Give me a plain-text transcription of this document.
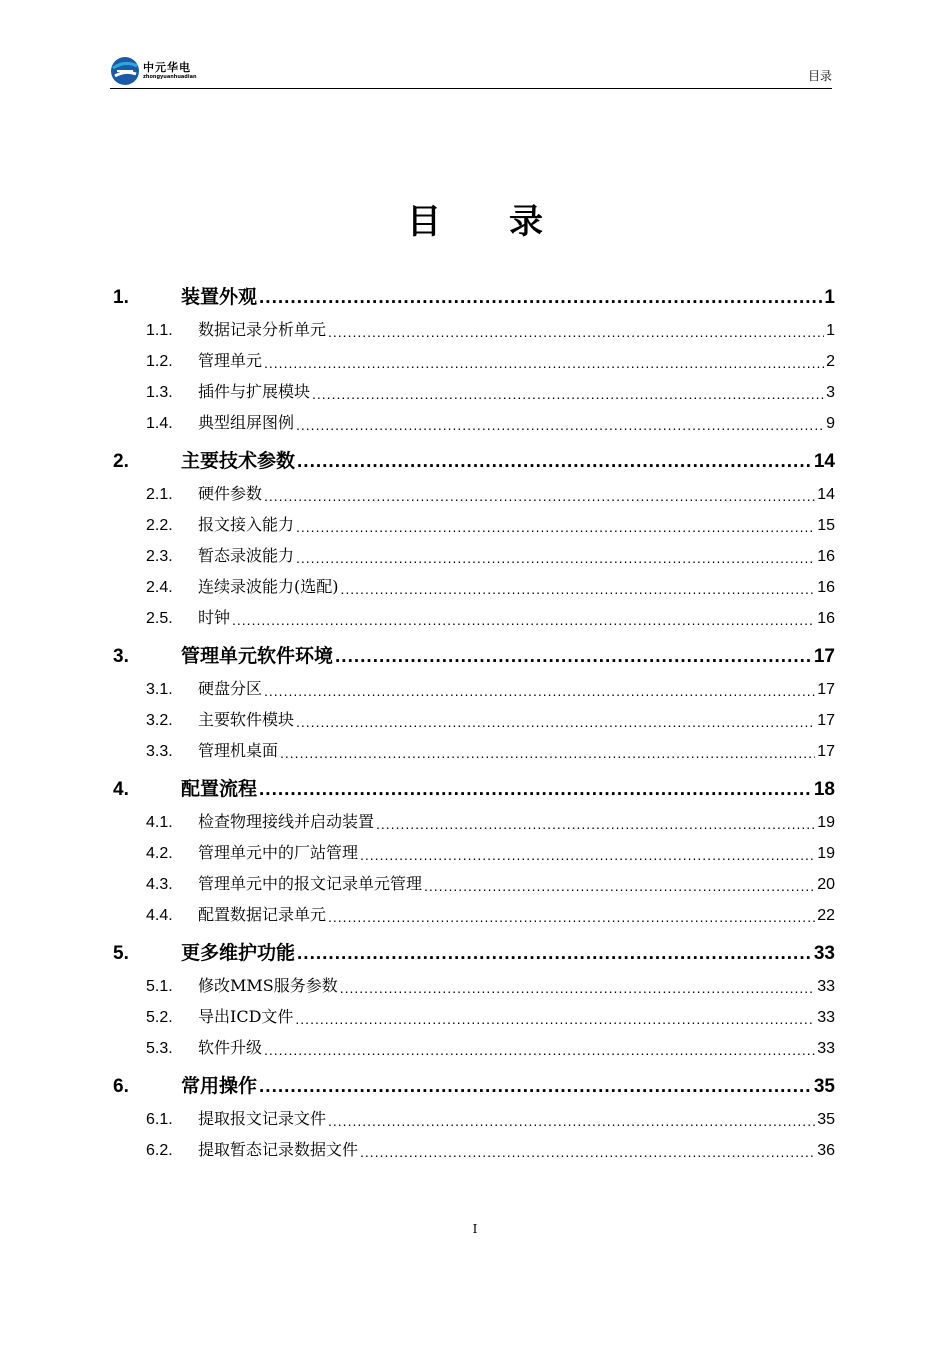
中元华电
zhongyuanhuadian	目录
目　　录
1.	装置外观 .....	1
1.1.	数据记录分析单元 .....	1
1.2.	管理单元 .....	2
1.3.	插件与扩展模块 .....	3
1.4.	典型组屏图例 .....	9
2.	主要技术参数 .....	14
2.1.	硬件参数 .....	14
2.2.	报文接入能力 .....	15
2.3.	暂态录波能力 .....	16
2.4.	连续录波能力(选配) .....	16
2.5.	时钟 .....	16
3.	管理单元软件环境 .....	17
3.1.	硬盘分区 .....	17
3.2.	主要软件模块 .....	17
3.3.	管理机桌面 .....	17
4.	配置流程 .....	18
4.1.	检查物理接线并启动装置 .....	19
4.2.	管理单元中的厂站管理 .....	19
4.3.	管理单元中的报文记录单元管理 .....	20
4.4.	配置数据记录单元 .....	22
5.	更多维护功能 .....	33
5.1.	修改MMS服务参数 .....	33
5.2.	导出ICD文件 .....	33
5.3.	软件升级 .....	33
6.	常用操作 .....	35
6.1.	提取报文记录文件 .....	35
6.2.	提取暂态记录数据文件 .....	36
I
